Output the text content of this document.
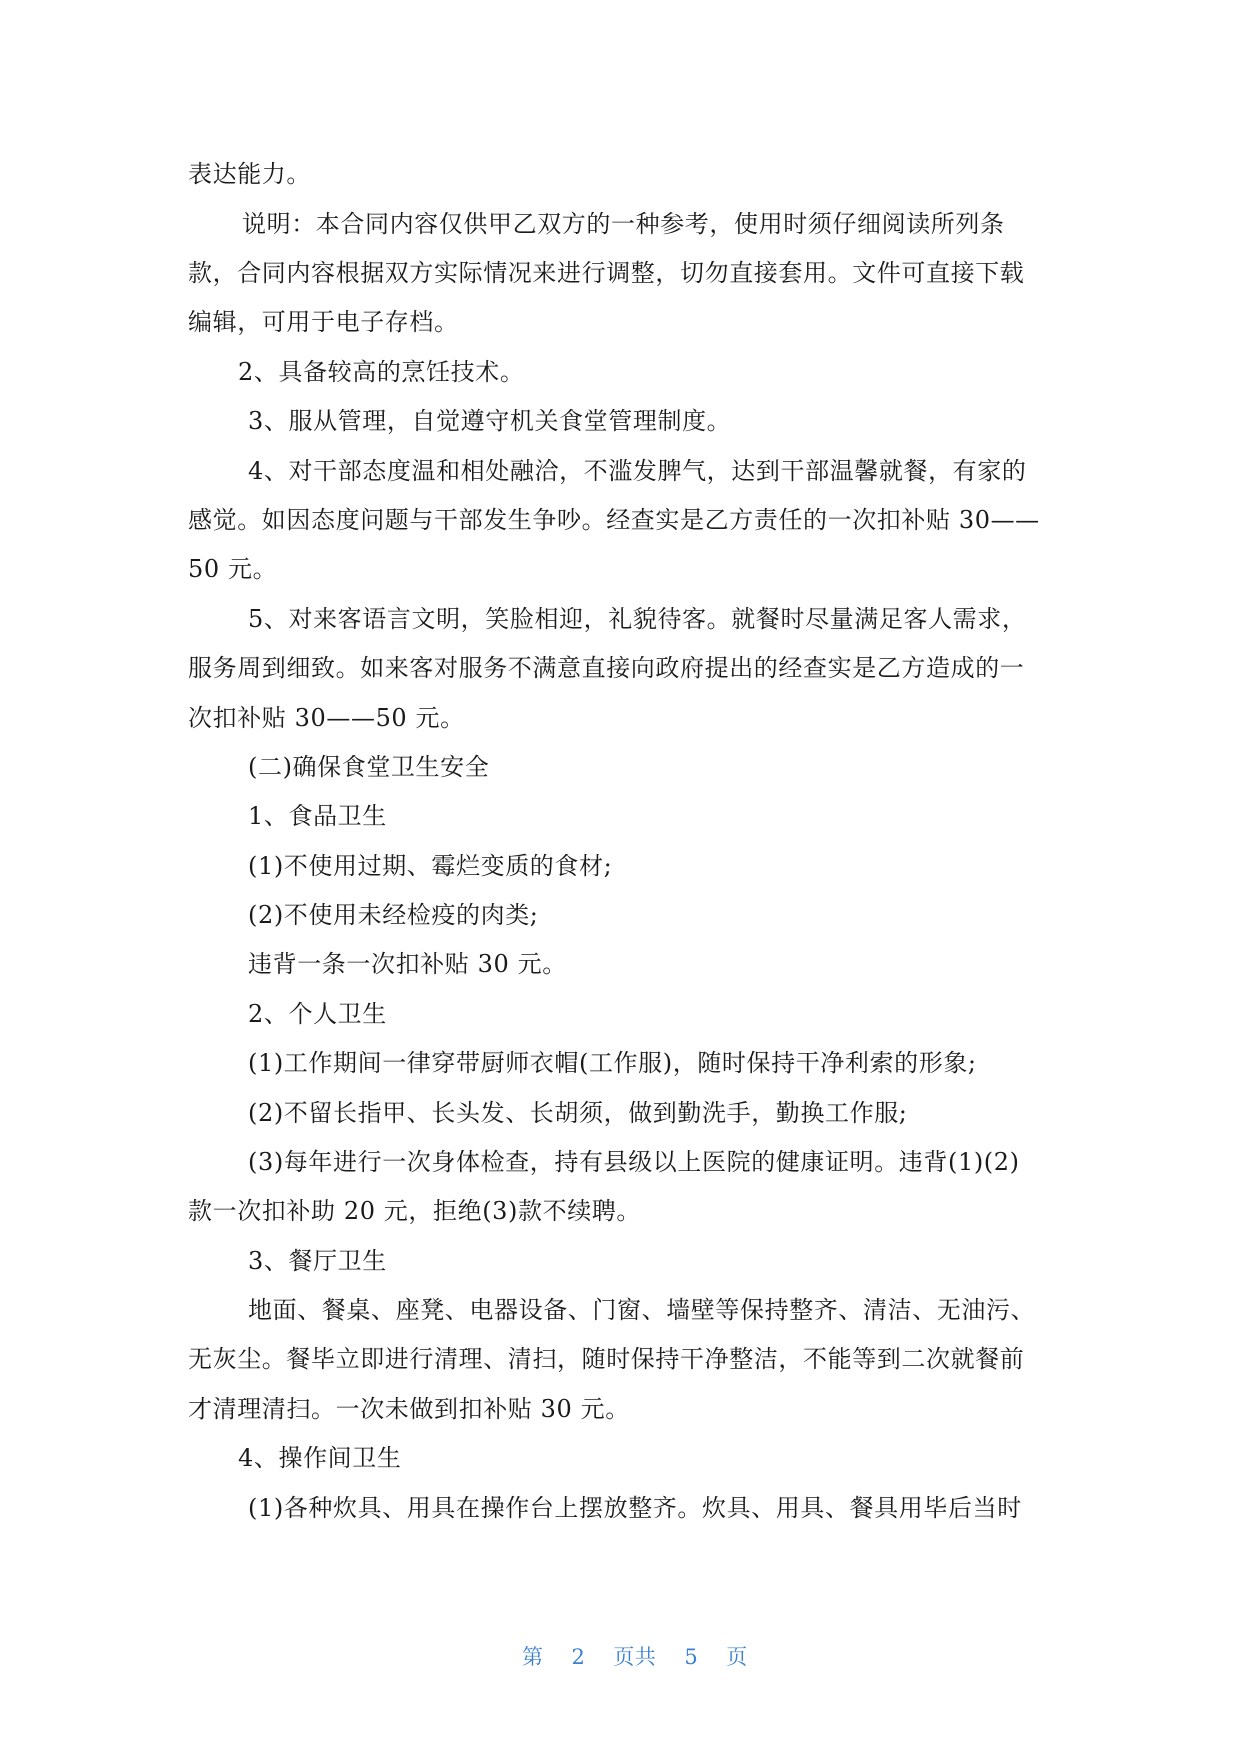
表达能力。
说明：本合同内容仅供甲乙双方的一种参考，使用时须仔细阅读所列条
款，合同内容根据双方实际情况来进行调整，切勿直接套用。文件可直接下载
编辑，可用于电子存档。
2、具备较高的烹饪技术。
3、服从管理，自觉遵守机关食堂管理制度。
4、对干部态度温和相处融洽，不滥发脾气，达到干部温馨就餐，有家的
感觉。如因态度问题与干部发生争吵。经查实是乙方责任的一次扣补贴 30——
50 元。
5、对来客语言文明，笑脸相迎，礼貌待客。就餐时尽量满足客人需求，
服务周到细致。如来客对服务不满意直接向政府提出的经查实是乙方造成的一
次扣补贴 30——50 元。
(二)确保食堂卫生安全
1、食品卫生
(1)不使用过期、霉烂变质的食材;
(2)不使用未经检疫的肉类;
违背一条一次扣补贴 30 元。
2、个人卫生
(1)工作期间一律穿带厨师衣帽(工作服)，随时保持干净利索的形象;
(2)不留长指甲、长头发、长胡须，做到勤洗手，勤换工作服;
(3)每年进行一次身体检查，持有县级以上医院的健康证明。违背(1)(2)
款一次扣补助 20 元，拒绝(3)款不续聘。
3、餐厅卫生
地面、餐桌、座凳、电器设备、门窗、墙壁等保持整齐、清洁、无油污、
无灰尘。餐毕立即进行清理、清扫，随时保持干净整洁，不能等到二次就餐前
才清理清扫。一次未做到扣补贴 30 元。
4、操作间卫生
(1)各种炊具、用具在操作台上摆放整齐。炊具、用具、餐具用毕后当时

第 2 页共 5 页
